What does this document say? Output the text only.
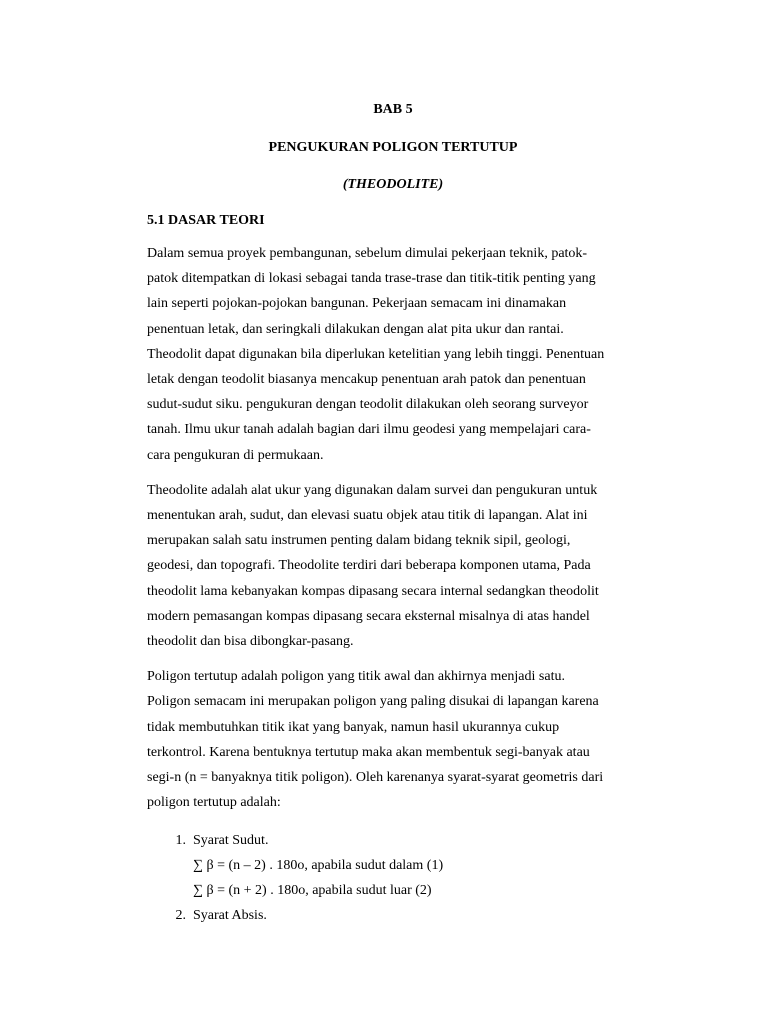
BAB 5

PENGUKURAN POLIGON TERTUTUP

(THEODOLITE)

5.1 DASAR TEORI

Dalam semua proyek pembangunan, sebelum dimulai pekerjaan teknik, patok-
patok ditempatkan di lokasi sebagai tanda trase-trase dan titik-titik penting yang
lain seperti pojokan-pojokan bangunan. Pekerjaan semacam ini dinamakan
penentuan letak, dan seringkali dilakukan dengan alat pita ukur dan rantai.
Theodolit dapat digunakan bila diperlukan ketelitian yang lebih tinggi. Penentuan
letak dengan teodolit biasanya mencakup penentuan arah patok dan penentuan
sudut-sudut siku. pengukuran dengan teodolit dilakukan oleh seorang surveyor
tanah. Ilmu ukur tanah adalah bagian dari ilmu geodesi yang mempelajari cara-
cara pengukuran di permukaan.
Theodolite adalah alat ukur yang digunakan dalam survei dan pengukuran untuk
menentukan arah, sudut, dan elevasi suatu objek atau titik di lapangan. Alat ini
merupakan salah satu instrumen penting dalam bidang teknik sipil, geologi,
geodesi, dan topografi. Theodolite terdiri dari beberapa komponen utama, Pada
theodolit lama kebanyakan kompas dipasang secara internal sedangkan theodolit
modern pemasangan kompas dipasang secara eksternal misalnya di atas handel
theodolit dan bisa dibongkar-pasang.
Poligon tertutup adalah poligon yang titik awal dan akhirnya menjadi satu.
Poligon semacam ini merupakan poligon yang paling disukai di lapangan karena
tidak membutuhkan titik ikat yang banyak, namun hasil ukurannya cukup
terkontrol. Karena bentuknya tertutup maka akan membentuk segi-banyak atau
segi-n (n = banyaknya titik poligon). Oleh karenanya syarat-syarat geometris dari
poligon tertutup adalah:
1. Syarat Sudut.
∑ β = (n – 2) . 180o, apabila sudut dalam (1)
∑ β = (n + 2) . 180o, apabila sudut luar (2)
2. Syarat Absis.
